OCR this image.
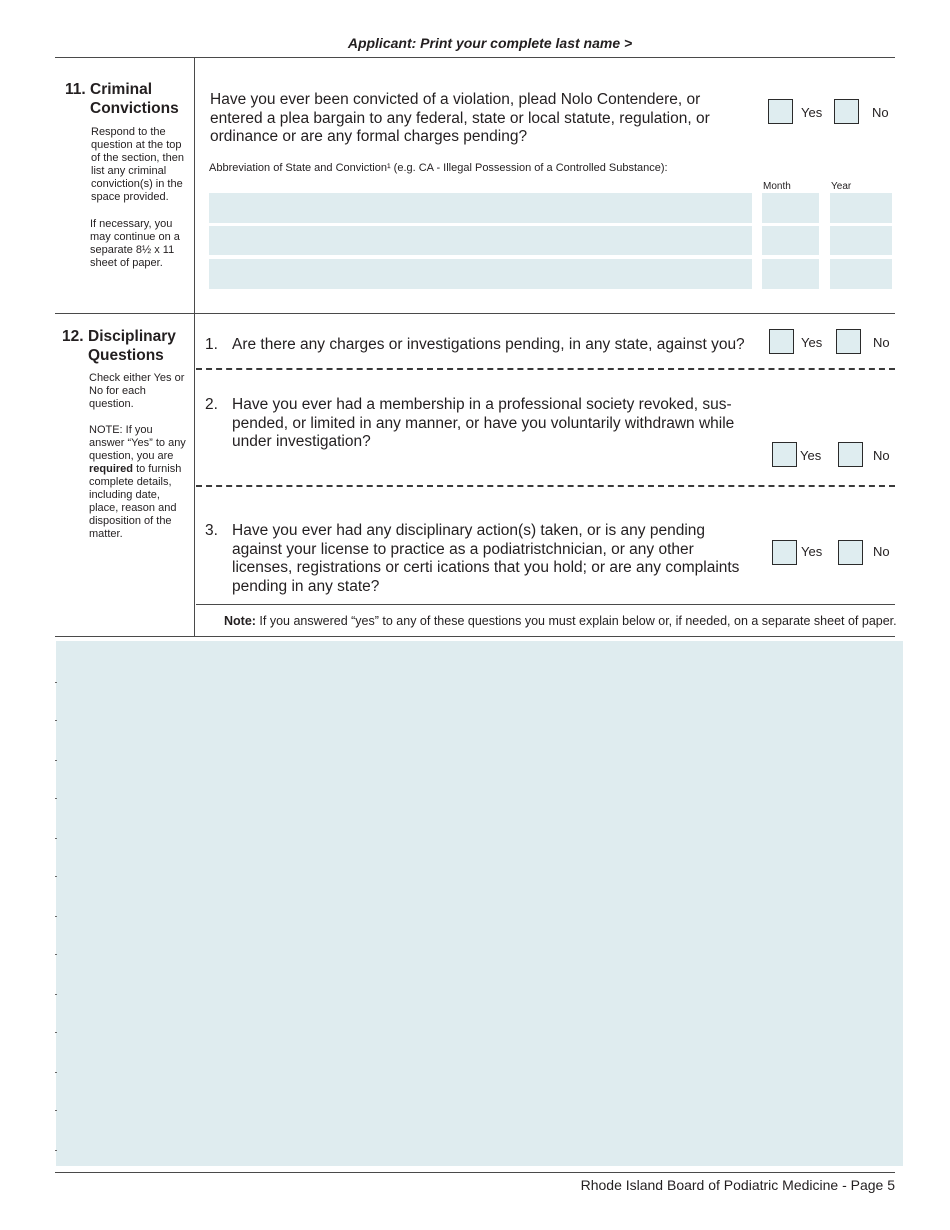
Applicant: Print your complete last name >
11. Criminal Convictions
Respond to the question at the top of the section, then list any criminal conviction(s) in the space provided.
If necessary, you may continue on a separate 8½ x 11 sheet of paper.
Have you ever been convicted of a violation, plead Nolo Contendere, or entered a plea bargain to any federal, state or local statute, regulation, or ordinance or are any formal charges pending?
Yes	No
Abbreviation of State and Conviction¹ (e.g. CA - Illegal Possession of a Controlled Substance):
Month	Year
12. Disciplinary Questions
Check either Yes or No for each question.
NOTE: If you answer “Yes” to any question, you are required to furnish complete details, including date, place, reason and disposition of the matter.
1. Are there any charges or investigations pending, in any state, against you?	Yes	No
2. Have you ever had a membership in a professional society revoked, sus-pended, or limited in any manner, or have you voluntarily withdrawn while under investigation?
Yes	No
3. Have you ever had any disciplinary action(s) taken, or is any pending against your license to practice as a podiatristchnician, or any other licenses, registrations or certi ications that you hold; or are any complaints pending in any state?
Yes	No
Note: If you answered “yes” to any of these questions you must explain below or, if needed, on a separate sheet of paper.
Rhode Island Board of Podiatric Medicine - Page 5
